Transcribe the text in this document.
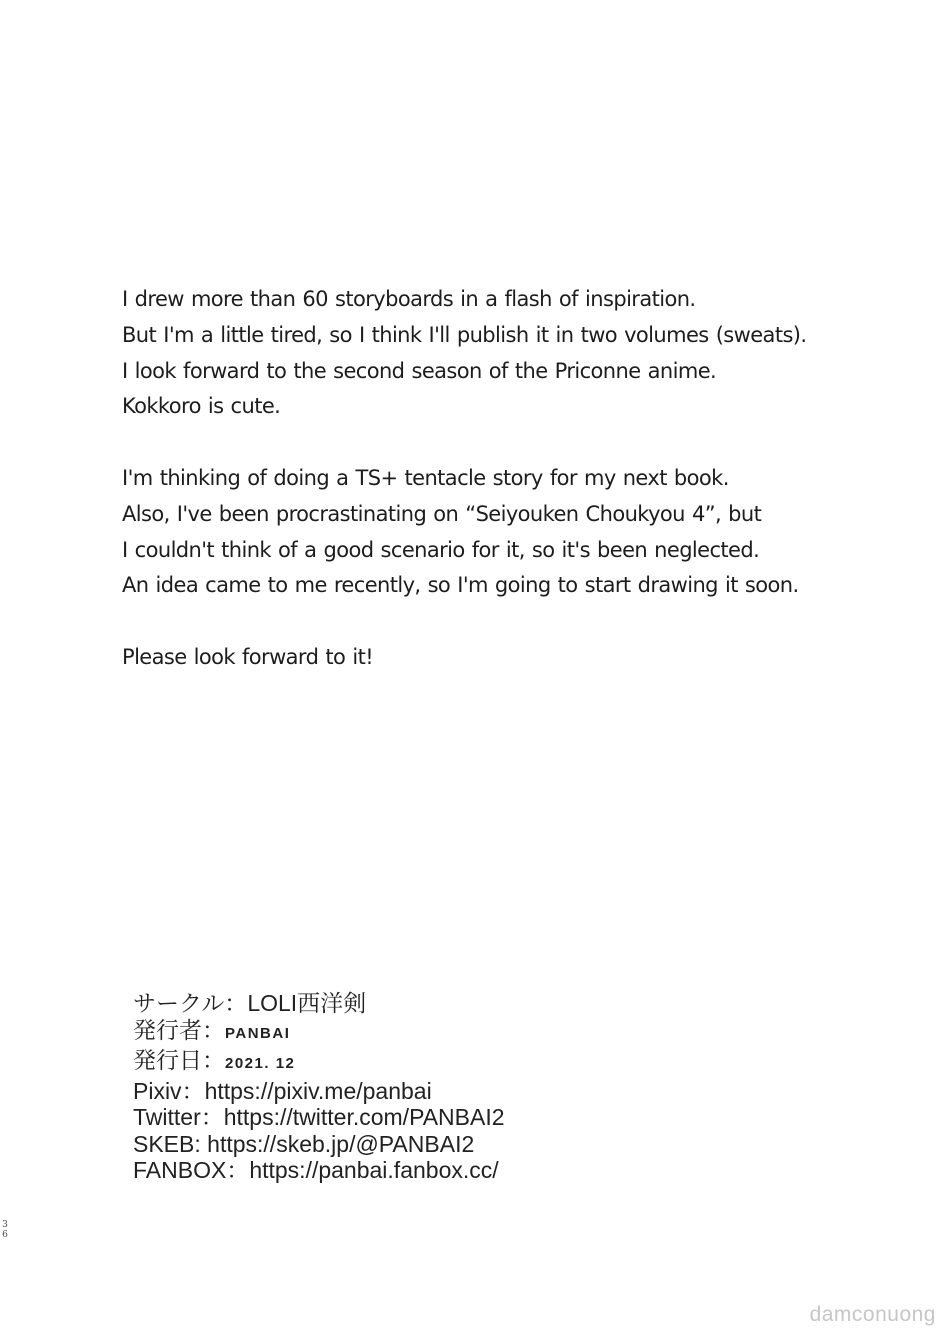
I drew more than 60 storyboards in a flash of inspiration.
But I'm a little tired, so I think I'll publish it in two volumes (sweats).
I look forward to the second season of the Priconne anime.
Kokkoro is cute.
I'm thinking of doing a TS+ tentacle story for my next book.
Also, I've been procrastinating on “Seiyouken Choukyou 4”, but
I couldn't think of a good scenario for it, so it's been neglected.
An idea came to me recently, so I'm going to start drawing it soon.
Please look forward to it!
サークル：LOLI西洋剣
発行者：PANBAI
発行日：2021. 12
Pixiv：https://pixiv.me/panbai
Twitter：https://twitter.com/PANBAI2
SKEB: https://skeb.jp/@PANBAI2
FANBOX：https://panbai.fanbox.cc/
3
6
damconuong
